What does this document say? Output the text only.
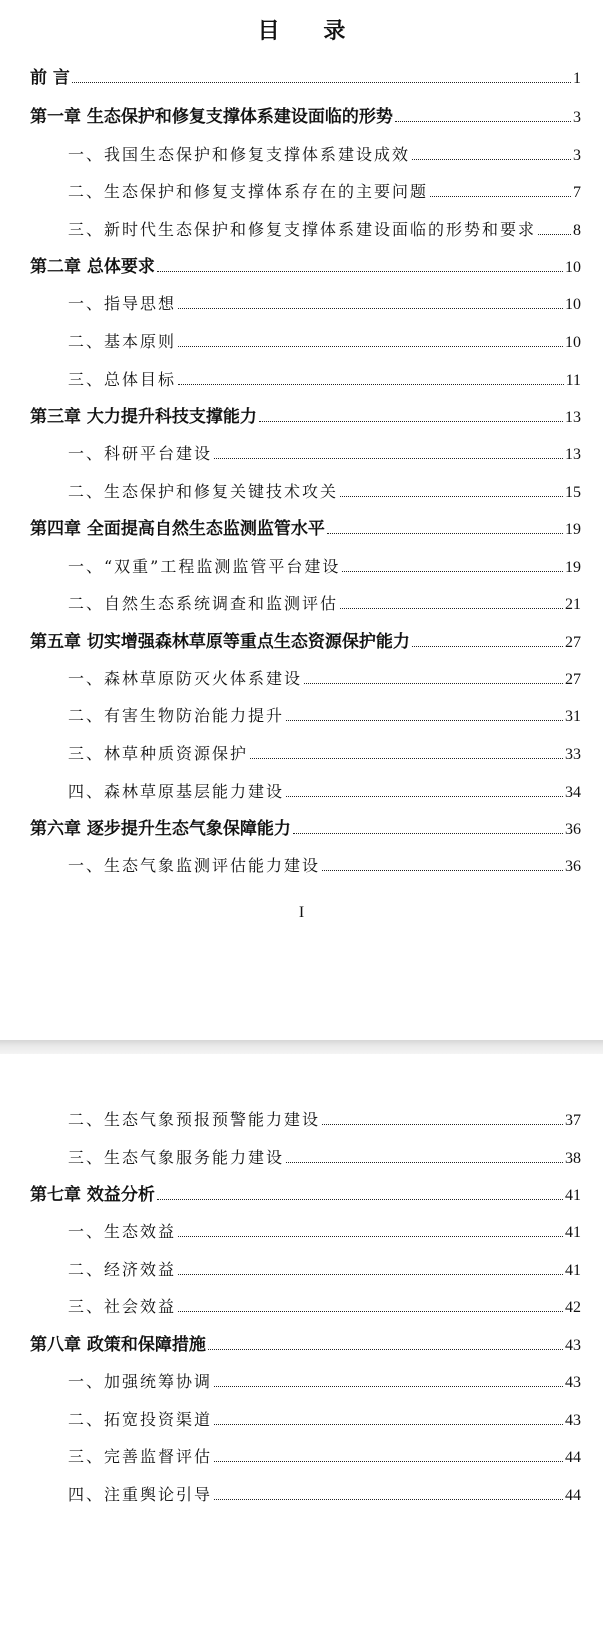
目 录
前 言	1
第一章 生态保护和修复支撑体系建设面临的形势	3
一、我国生态保护和修复支撑体系建设成效	3
二、生态保护和修复支撑体系存在的主要问题	7
三、新时代生态保护和修复支撑体系建设面临的形势和要求 8
第二章 总体要求	10
一、指导思想	10
二、基本原则	10
三、总体目标	11
第三章 大力提升科技支撑能力	13
一、科研平台建设	13
二、生态保护和修复关键技术攻关	15
第四章 全面提高自然生态监测监管水平	19
一、“双重”工程监测监管平台建设	19
二、自然生态系统调查和监测评估	21
第五章 切实增强森林草原等重点生态资源保护能力	27
一、森林草原防灭火体系建设	27
二、有害生物防治能力提升	31
三、林草种质资源保护	33
四、森林草原基层能力建设	34
第六章 逐步提升生态气象保障能力	36
一、生态气象监测评估能力建设	36
I
二、生态气象预报预警能力建设	37
三、生态气象服务能力建设	38
第七章 效益分析	41
一、生态效益	41
二、经济效益	41
三、社会效益	42
第八章 政策和保障措施	43
一、加强统筹协调	43
二、拓宽投资渠道	43
三、完善监督评估	44
四、注重舆论引导	44
